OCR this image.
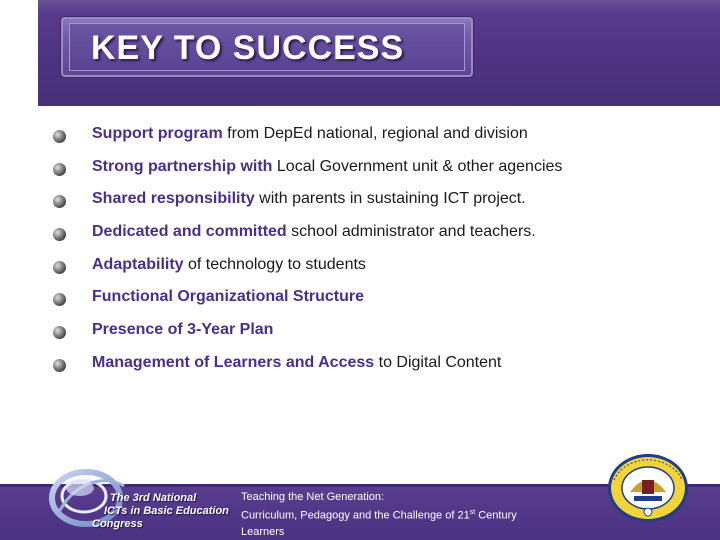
KEY TO SUCCESS
Support program from DepEd national, regional and division
Strong partnership with Local Government unit & other agencies
Shared responsibility with parents in sustaining ICT project.
Dedicated and committed school administrator and teachers.
Adaptability of technology to students
Functional Organizational Structure
Presence of 3-Year Plan
Management of Learners and Access to Digital Content
The 3rd National
ICTs in Basic Education
Congress
Teaching the Net Generation:
Curriculum, Pedagogy and the Challenge of 21st Century
